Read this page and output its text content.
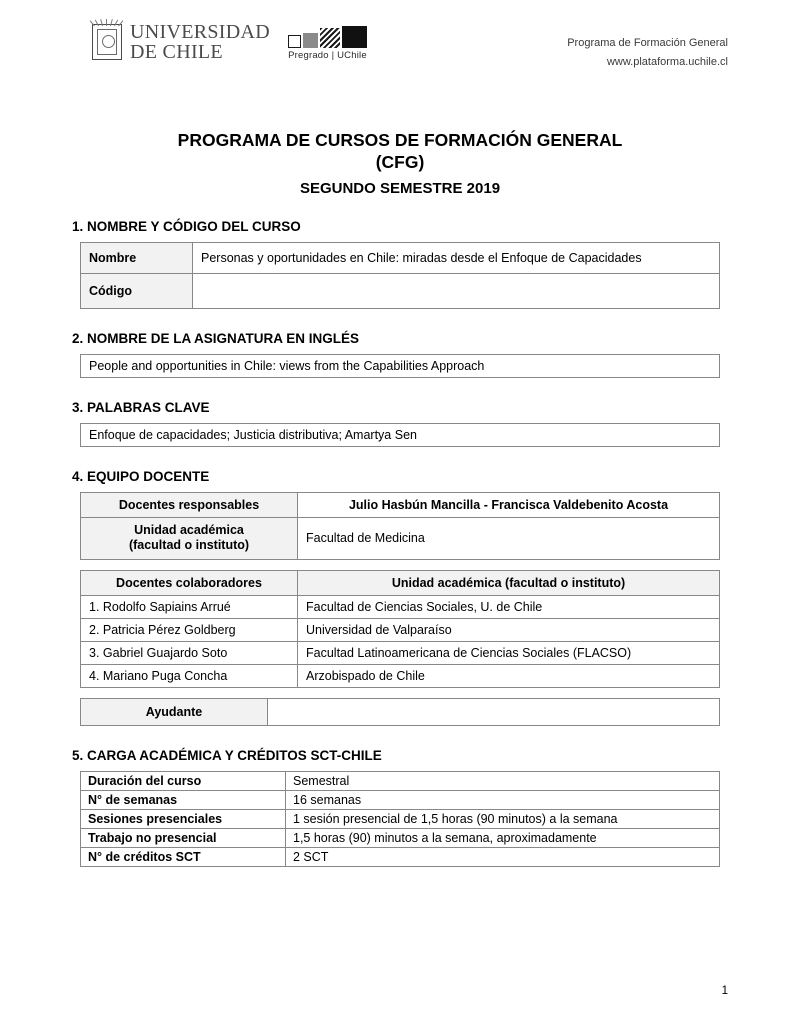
UNIVERSIDAD
DE CHILE	Pregrado | UChile
Programa de Formación General
www.plataforma.uchile.cl
PROGRAMA DE CURSOS DE FORMACIÓN GENERAL
(CFG)
SEGUNDO SEMESTRE 2019
1. NOMBRE Y CÓDIGO DEL CURSO
Nombre	Personas y oportunidades en Chile: miradas desde el Enfoque de Capacidades
Código	
2. NOMBRE DE LA ASIGNATURA EN INGLÉS
People and opportunities in Chile: views from the Capabilities Approach
3. PALABRAS CLAVE
Enfoque de capacidades; Justicia distributiva; Amartya Sen
4. EQUIPO DOCENTE
Docentes responsables	Julio Hasbún Mancilla - Francisca Valdebenito Acosta

Unidad académica
(facultad o instituto)	Facultad de Medicina
Docentes colaboradores	Unidad académica (facultad o instituto)
1. Rodolfo Sapiains Arrué	Facultad de Ciencias Sociales, U. de Chile
2. Patricia Pérez Goldberg	Universidad de Valparaíso
3. Gabriel Guajardo Soto	Facultad Latinoamericana de Ciencias Sociales (FLACSO)
4. Mariano Puga Concha	Arzobispado de Chile
Ayudante	
5. CARGA ACADÉMICA Y CRÉDITOS SCT-CHILE
Duración del curso	Semestral
N° de semanas	16 semanas
Sesiones presenciales	1 sesión presencial de 1,5 horas (90 minutos) a la semana
Trabajo no presencial	1,5 horas (90) minutos a la semana, aproximadamente
N° de créditos SCT	2 SCT
1
